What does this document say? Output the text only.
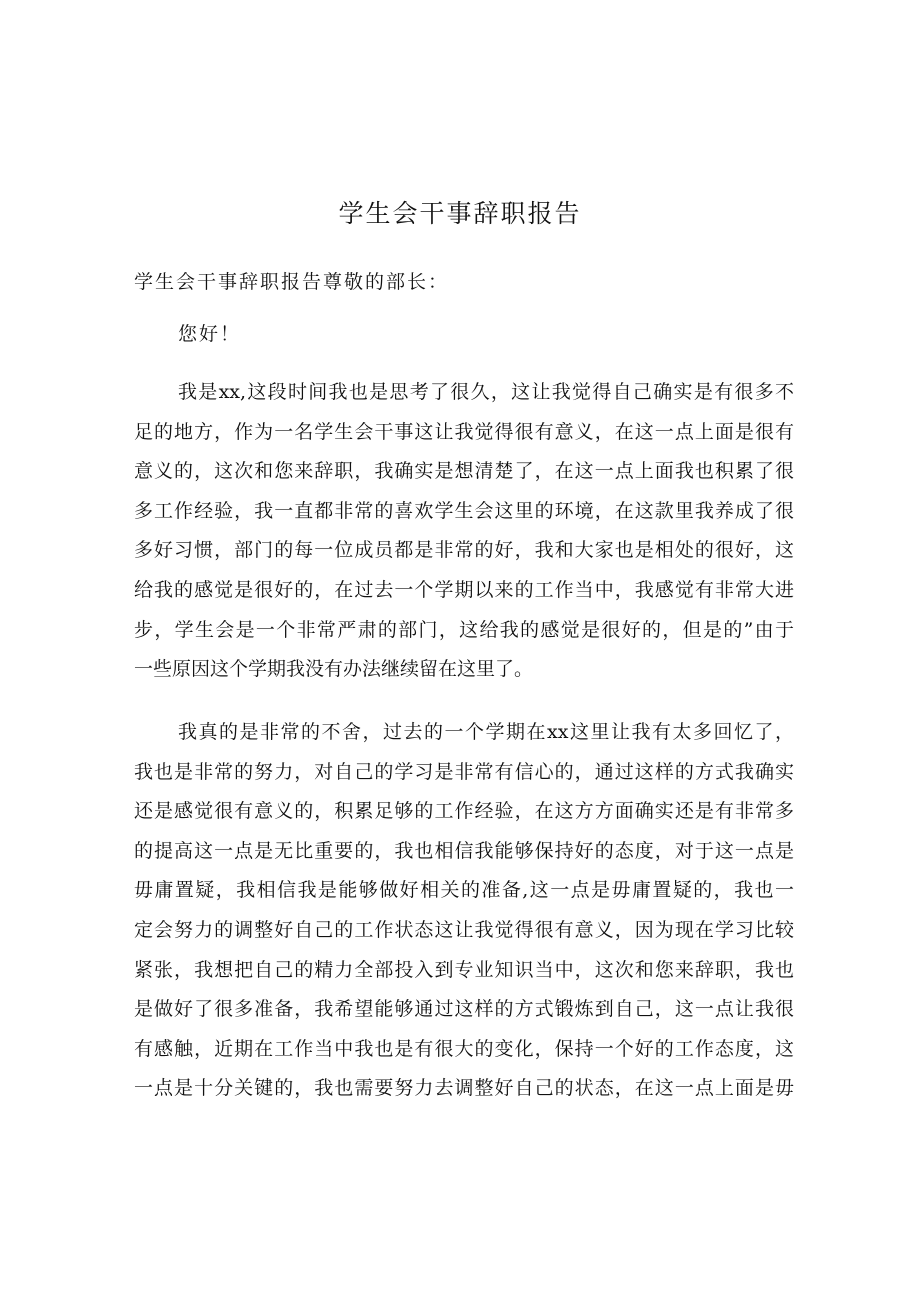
学生会干事辞职报告
学生会干事辞职报告尊敬的部长：
您好！
我是xx,这段时间我也是思考了很久，这让我觉得自己确实是有很多不
足的地方，作为一名学生会干事这让我觉得很有意义，在这一点上面是很有
意义的，这次和您来辞职，我确实是想清楚了，在这一点上面我也积累了很
多工作经验，我一直都非常的喜欢学生会这里的环境，在这款里我养成了很
多好习惯，部门的每一位成员都是非常的好，我和大家也是相处的很好，这
给我的感觉是很好的，在过去一个学期以来的工作当中，我感觉有非常大进
步，学生会是一个非常严肃的部门，这给我的感觉是很好的，但是的”由于
一些原因这个学期我没有办法继续留在这里了。
我真的是非常的不舍，过去的一个学期在xx这里让我有太多回忆了，
我也是非常的努力，对自己的学习是非常有信心的，通过这样的方式我确实
还是感觉很有意义的，积累足够的工作经验，在这方方面确实还是有非常多
的提高这一点是无比重要的，我也相信我能够保持好的态度，对于这一点是
毋庸置疑，我相信我是能够做好相关的准备,这一点是毋庸置疑的，我也一
定会努力的调整好自己的工作状态这让我觉得很有意义，因为现在学习比较
紧张，我想把自己的精力全部投入到专业知识当中，这次和您来辞职，我也
是做好了很多准备，我希望能够通过这样的方式锻炼到自己，这一点让我很
有感触，近期在工作当中我也是有很大的变化，保持一个好的工作态度，这
一点是十分关键的，我也需要努力去调整好自己的状态，在这一点上面是毋
